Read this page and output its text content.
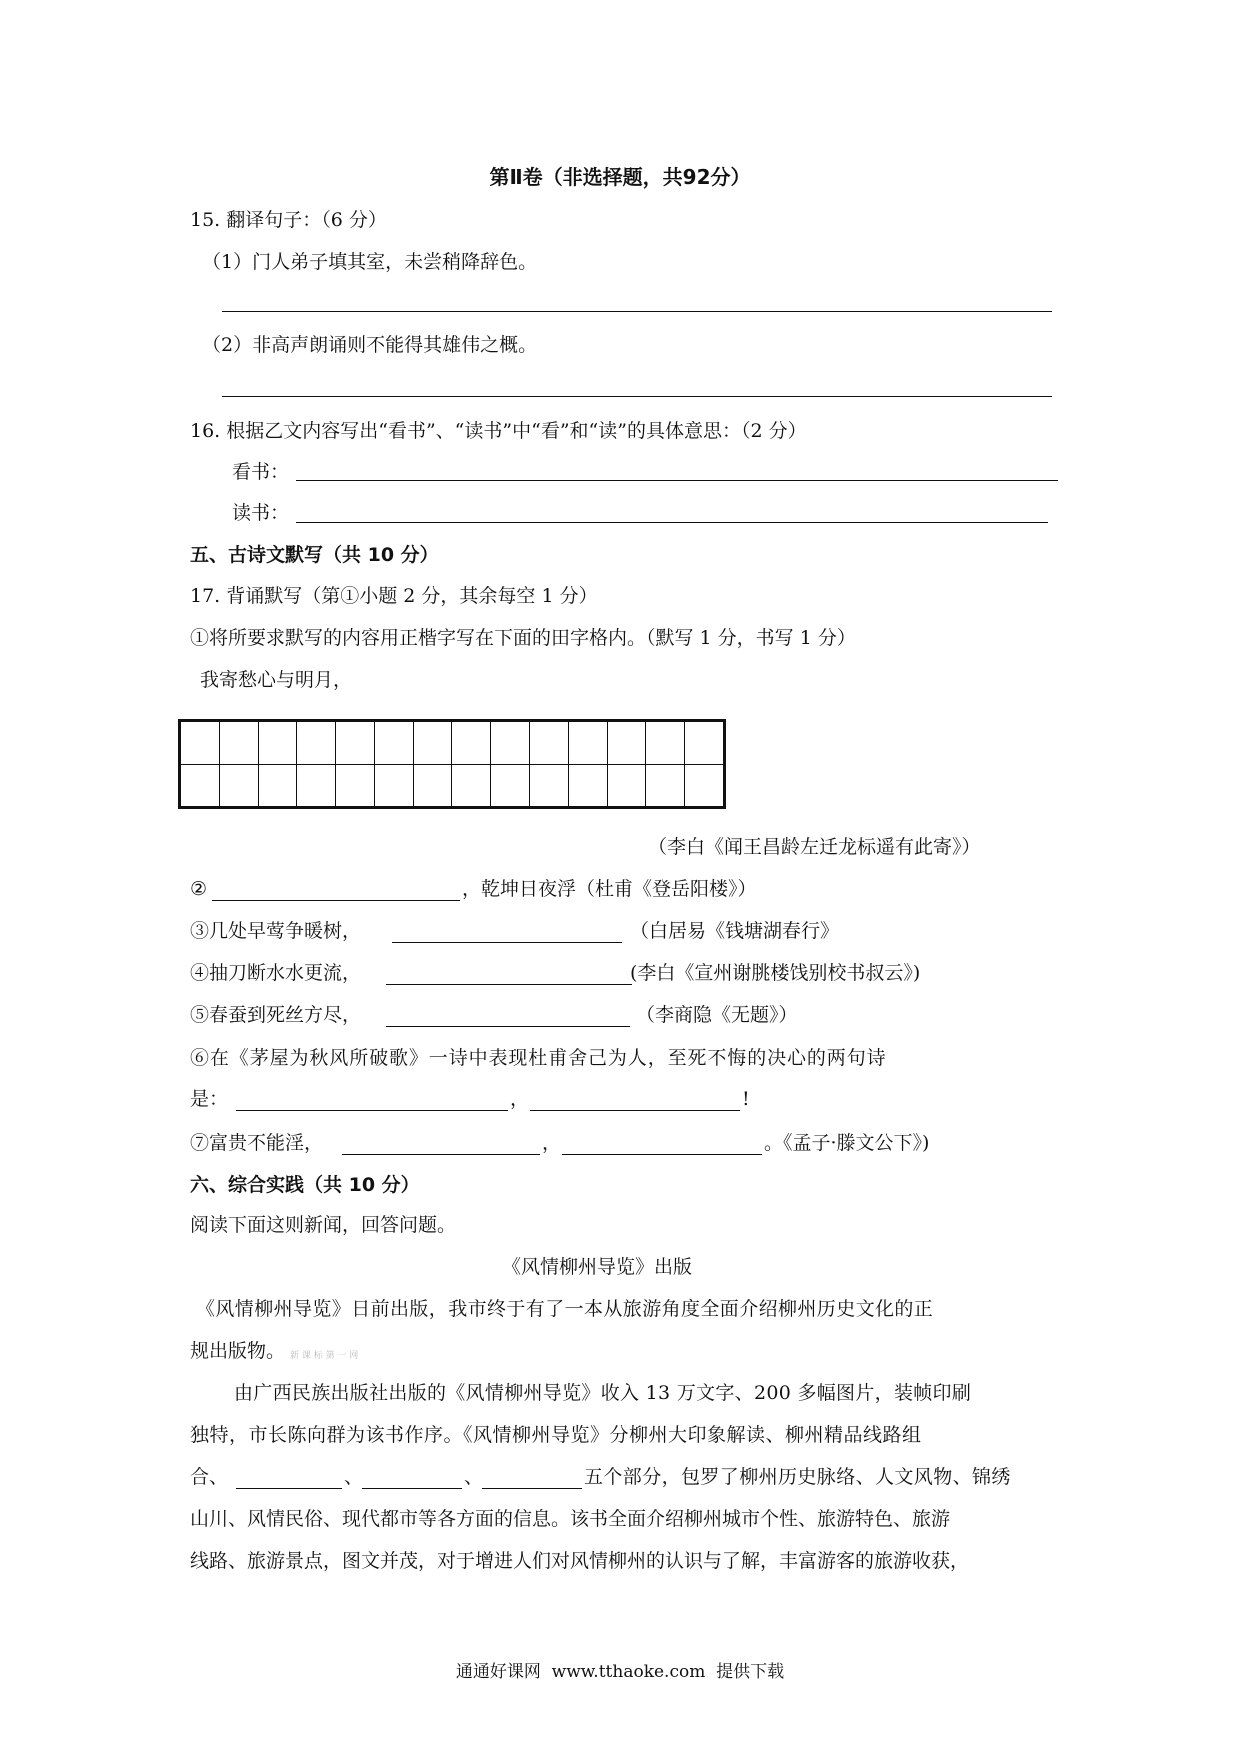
第Ⅱ卷（非选择题，共92分）
15. 翻译句子：（6 分）
（1）门人弟子填其室，未尝稍降辞色。
（2）非高声朗诵则不能得其雄伟之概。
16. 根据乙文内容写出“看书”、“读书”中“看”和“读”的具体意思：（2 分）
看书：
读书：
五、古诗文默写（共 10 分）
17. 背诵默写（第①小题 2 分，其余每空 1 分）
①将所要求默写的内容用正楷字写在下面的田字格内。（默写 1 分，书写 1 分）
我寄愁心与明月，
（李白《闻王昌龄左迁龙标遥有此寄》）
②	，乾坤日夜浮（杜甫《登岳阳楼》）
③几处早莺争暖树，	（白居易《钱塘湖春行》
④抽刀断水水更流，	(李白《宣州谢朓楼饯别校书叔云》)
⑤春蚕到死丝方尽，	（李商隐《无题》）
⑥在《茅屋为秋风所破歌》一诗中表现杜甫舍己为人，至死不悔的决心的两句诗
是：	，	!
⑦富贵不能淫，	，	。《孟子·滕文公下》)
六、综合实践（共 10 分）
阅读下面这则新闻，回答问题。
《风情柳州导览》出版
《风情柳州导览》日前出版，我市终于有了一本从旅游角度全面介绍柳州历史文化的正
规出版物。 新 课 标 第 一 网
由广西民族出版社出版的《风情柳州导览》收入 13 万文字、200 多幅图片，装帧印刷
独特，市长陈向群为该书作序。《风情柳州导览》分柳州大印象解读、柳州精品线路组
合、	、	、	五个部分，包罗了柳州历史脉络、人文风物、锦绣
山川、风情民俗、现代都市等各方面的信息。该书全面介绍柳州城市个性、旅游特色、旅游
线路、旅游景点，图文并茂，对于增进人们对风情柳州的认识与了解，丰富游客的旅游收获，
通通好课网  www.tthaoke.com  提供下载
